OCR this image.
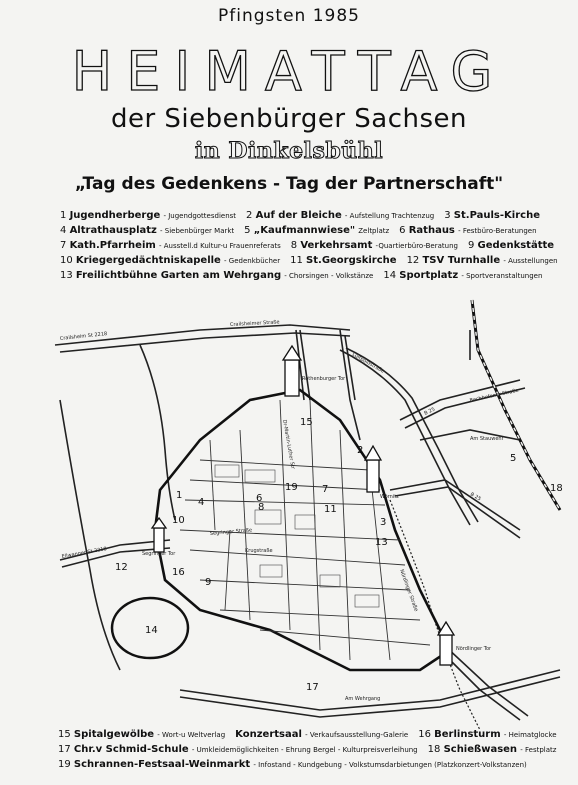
Pfingsten 1985
HEIMATTAG
der Siebenbürger Sachsen
in Dinkelsbühl
„Tag des Gedenkens - Tag der Partnerschaft"
1 Jugendherberge - Jugendgottesdienst 2 Auf der Bleiche - Aufstellung Trachtenzug 3 St.Pauls-Kirche
4 Altrathausplatz - Siebenbürger Markt 5 „Kaufmannwiese" Zeltplatz 6 Rathaus - Festbüro-Beratungen
7 Kath.Pfarrheim - Ausstell.d Kultur-u Frauenreferats 8 Verkehrsamt -Quartierbüro-Beratung 9 Gedenkstätte
10 Kriegergedächtniskapelle - Gedenkbücher 11 St.Georgskirche 12 TSV Turnhalle - Ausstellungen
13 Freilichtbühne Garten am Wehrgang - Chorsingen - Volkstänze 14 Sportplatz - Sportveranstaltungen
1
2
3
4
5
6
7
8
9
10
11
12
13
14
15
16
17
18
19
Crailsheim St 2218
Crailsheimer Straße
Rothenburger Tor
Luitpoldstraße
Segringer Straße
Segringer Tor
Nördlinger Straße
Nördlinger Tor
Wörnitz
Bechhofener Straße
Ellwanger St 2218
B 25
B 25
Am Stauwehr
Dr-Martin-Luther Str
Am Wehrgang
Krugstraße
15 Spitalgewölbe - Wort-u Weltverlag Konzertsaal - Verkaufsausstellung-Galerie 16 Berlinsturm - Heimatglocke
17 Chr.v Schmid-Schule - Umkleidemöglichkeiten - Ehrung Bergel - Kulturpreisverleihung 18 Schießwasen - Festplatz
19 Schrannen-Festsaal-Weinmarkt - Infostand - Kundgebung - Volkstumsdarbietungen (Platzkonzert-Volkstanzen)
